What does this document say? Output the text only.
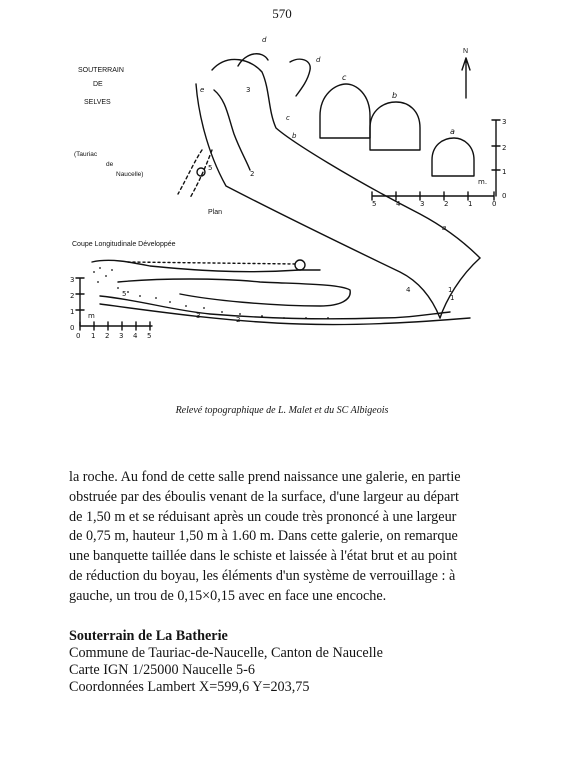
570
SOUTERRAIN
DE
SELVES
(Tauriac
de
Naucelle)
Plan
Coupe Longitudinale Développée
N
c
b
a
d
d
e
c
b
a
3
2
1
5
5	4	3	2	1	0
m.
3
2
1
0
0 1 2 3 4 5
3
2
1
0
m
1
2
3
4
5
Relevé topographique de L. Malet et du SC Albigeois

la roche. Au fond de cette salle prend naissance une galerie, en partie
obstruée par des éboulis venant de la surface, d'une largeur au départ
de 1,50 m et se réduisant après un coude très prononcé à une largeur
de 0,75 m, hauteur 1,50 m à 1.60 m. Dans cette galerie, on remarque
une banquette taillée dans le schiste et laissée à l'état brut et au point
de réduction du boyau, les éléments d'un système de verrouillage : à
gauche, un trou de 0,15×0,15 avec en face une encoche.

Souterrain de La Batherie
Commune de Tauriac-de-Naucelle, Canton de Naucelle
Carte IGN 1/25000 Naucelle 5-6
Coordonnées Lambert X=599,6 Y=203,75
